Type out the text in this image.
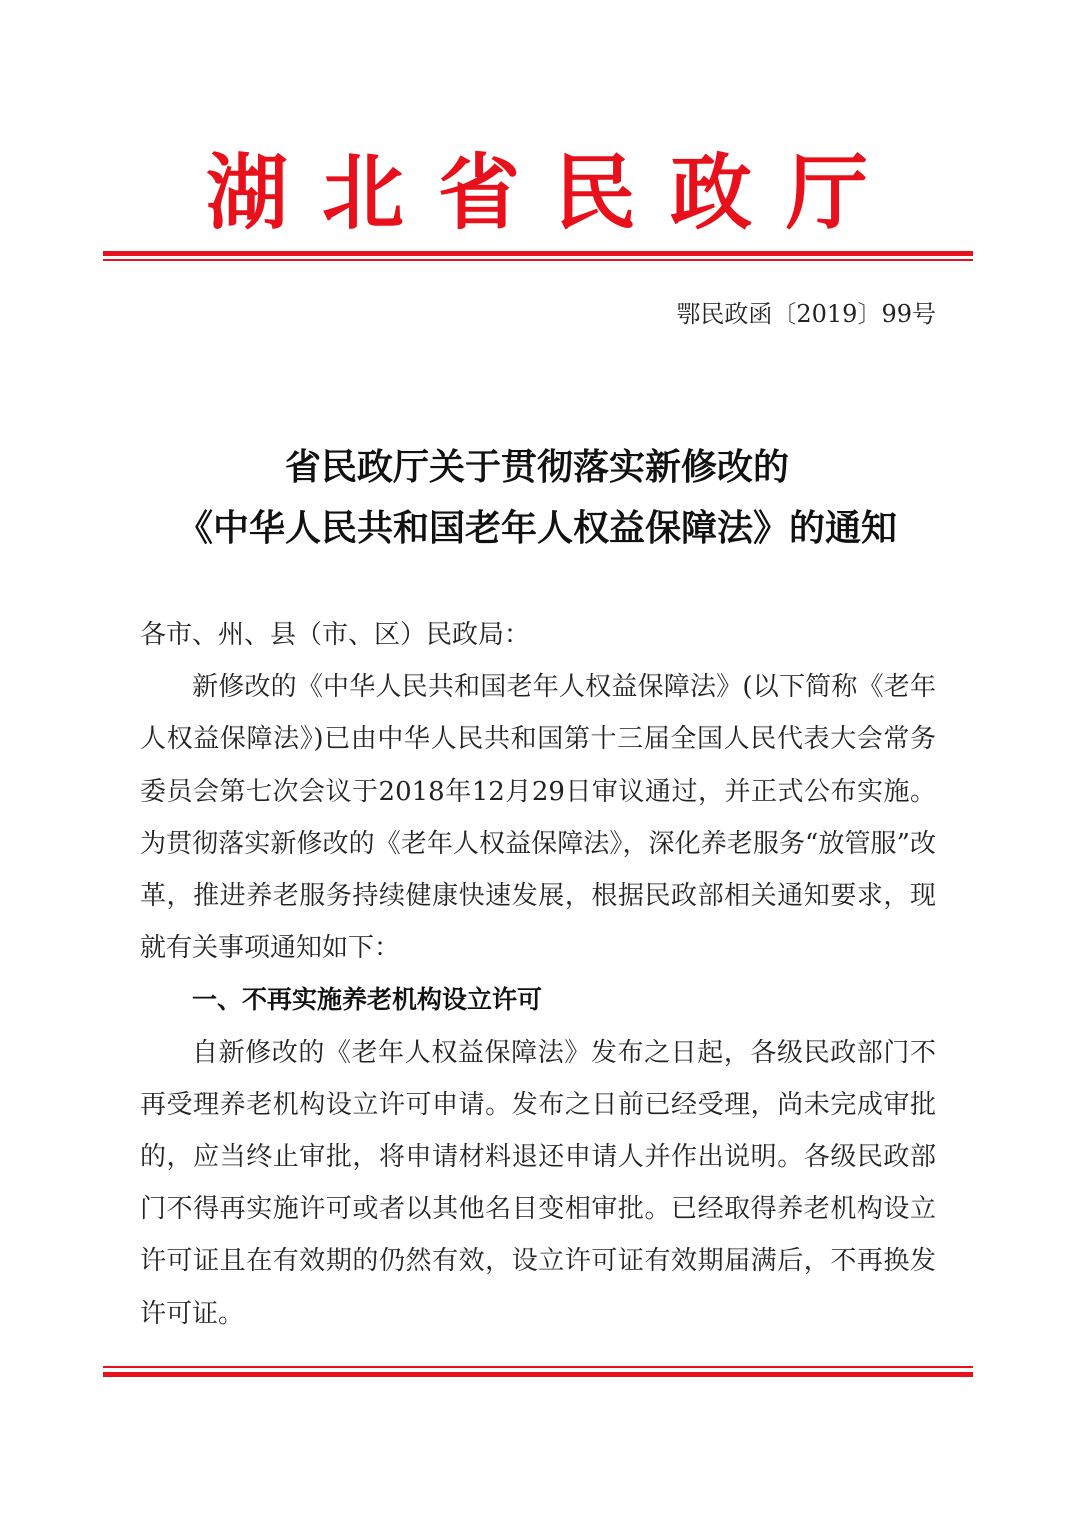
湖北省民政厅
鄂民政函〔2019〕99号
省民政厅关于贯彻落实新修改的
《中华人民共和国老年人权益保障法》的通知

各市、州、县（市、区）民政局：

新修改的《中华人民共和国老年人权益保障法》(以下简称《老年人权益保障法》)已由中华人民共和国第十三届全国人民代表大会常务委员会第七次会议于2018年12月29日审议通过，并正式公布实施。为贯彻落实新修改的《老年人权益保障法》，深化养老服务“放管服”改革，推进养老服务持续健康快速发展，根据民政部相关通知要求，现就有关事项通知如下：

一、不再实施养老机构设立许可

自新修改的《老年人权益保障法》发布之日起，各级民政部门不再受理养老机构设立许可申请。发布之日前已经受理，尚未完成审批的，应当终止审批，将申请材料退还申请人并作出说明。各级民政部门不得再实施许可或者以其他名目变相审批。已经取得养老机构设立许可证且在有效期的仍然有效，设立许可证有效期届满后，不再换发许可证。
